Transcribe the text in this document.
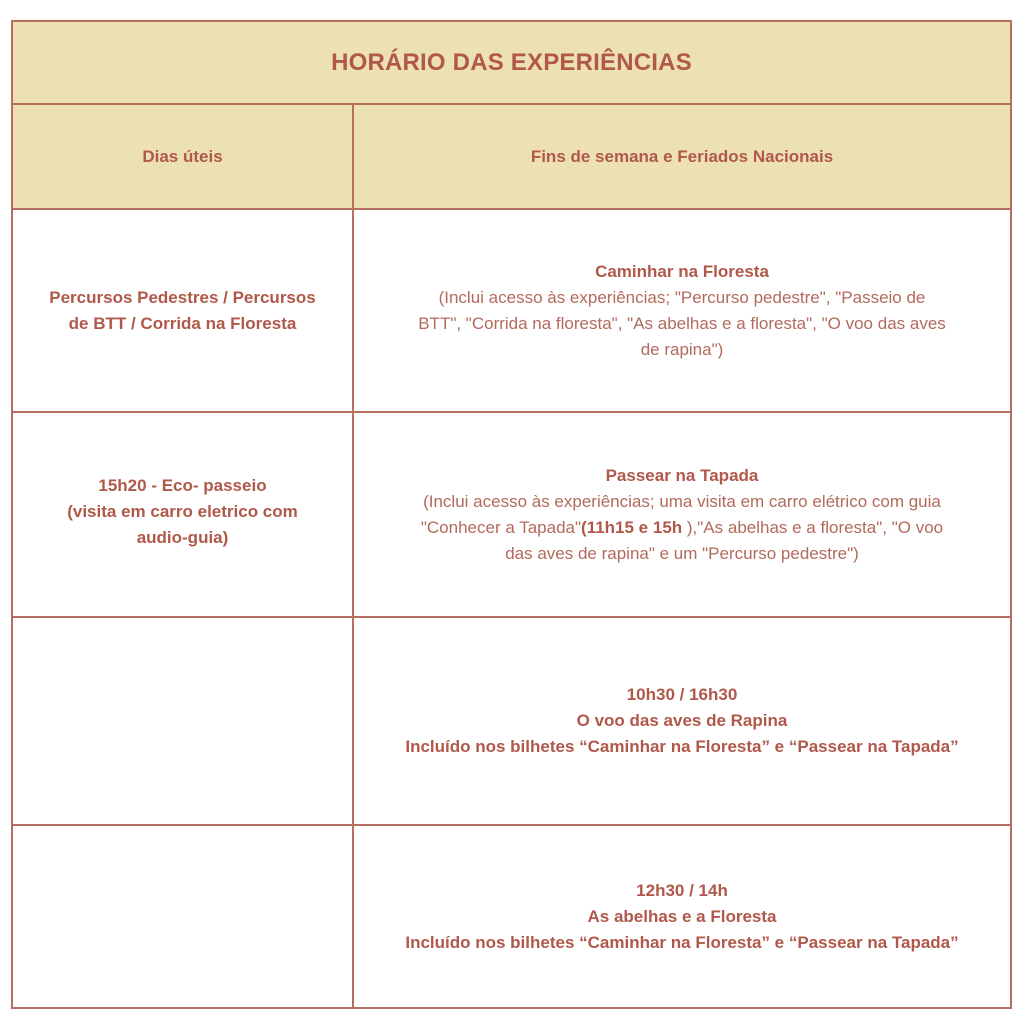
HORÁRIO DAS EXPERIÊNCIAS
Dias úteis	Fins de semana e Feriados Nacionais
Percursos Pedestres / Percursos
de BTT / Corrida na Floresta
Caminhar na Floresta
(Inclui acesso às experiências; "Percurso pedestre", "Passeio de
BTT", "Corrida na floresta", "As abelhas e a floresta", "O voo das aves
de rapina")
15h20 - Eco- passeio
(visita em carro eletrico com
audio-guia)
Passear na Tapada
(Inclui acesso às experiências; uma visita em carro elétrico com guia
"Conhecer a Tapada"(11h15 e 15h ),"As abelhas e a floresta", "O voo
das aves de rapina" e um "Percurso pedestre")
10h30 / 16h30
O voo das aves de Rapina
Incluído nos bilhetes “Caminhar na Floresta” e “Passear na Tapada”
12h30 / 14h
As abelhas e a Floresta
Incluído nos bilhetes “Caminhar na Floresta” e “Passear na Tapada”
